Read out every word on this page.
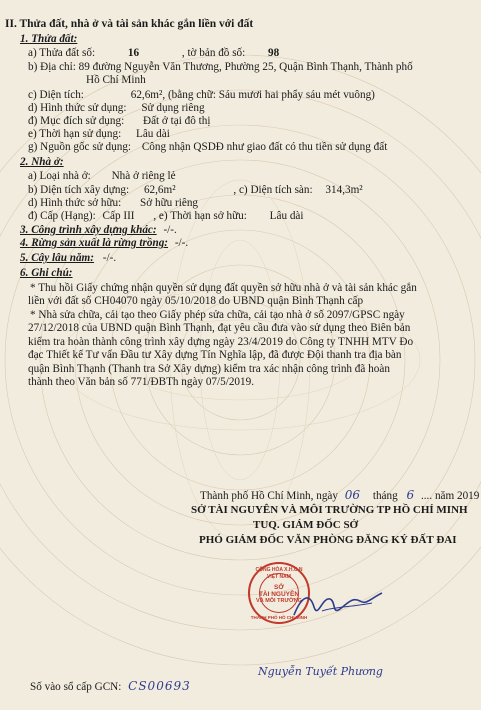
II. Thửa đất, nhà ở và tài sản khác gắn liền với đất
1. Thửa đất:
a) Thửa đất số:	16	, tờ bản đồ số: 98
b) Địa chỉ: 89 đường Nguyễn Văn Thương, Phường 25, Quận Bình Thạnh, Thành phố
Hồ Chí Minh
c) Diện tích:	62,6m², (bằng chữ: Sáu mươi hai phẩy sáu mét vuông)
d) Hình thức sử dụng: Sử dụng riêng
đ) Mục đích sử dụng: Đất ở tại đô thị
e) Thời hạn sử dụng: Lâu dài
g) Nguồn gốc sử dụng: Công nhận QSDĐ như giao đất có thu tiền sử dụng đất
2. Nhà ở:
a) Loại nhà ở: Nhà ở riêng lẻ
b) Diện tích xây dựng: 62,6m²	, c) Diện tích sàn: 314,3m²
d) Hình thức sở hữu: Sở hữu riêng
đ) Cấp (Hạng): Cấp III , e) Thời hạn sở hữu: Lâu dài
3. Công trình xây dựng khác: -/-.
4. Rừng sản xuất là rừng trồng: -/-.
5. Cây lâu năm: -/-.
6. Ghi chú:
* Thu hồi Giấy chứng nhận quyền sử dụng đất quyền sở hữu nhà ở và tài sản khác gắn
liền với đất số CH04070 ngày 05/10/2018 do UBND quận Bình Thạnh cấp
* Nhà sửa chữa, cải tạo theo Giấy phép sửa chữa, cải tạo nhà ở số 2097/GPSC ngày
27/12/2018 của UBND quận Bình Thạnh, đạt yêu cầu đưa vào sử dụng theo Biên bản
kiểm tra hoàn thành công trình xây dựng ngày 23/4/2019 do Công ty TNHH MTV Đo
đạc Thiết kế Tư vấn Đầu tư Xây dựng Tín Nghĩa lập, đã được Đội thanh tra địa bàn
quận Bình Thạnh (Thanh tra Sở Xây dựng) kiểm tra xác nhận công trình đã hoàn
thành theo Văn bản số 771/ĐBTh ngày 07/5/2019.
Thành phố Hồ Chí Minh, ngày 06 tháng 6 .... năm 2019
SỞ TÀI NGUYÊN VÀ MÔI TRƯỜNG TP HỒ CHÍ MINH
TUQ. GIÁM ĐỐC SỞ
PHÓ GIÁM ĐỐC VĂN PHÒNG ĐĂNG KÝ ĐẤT ĐAI
CỘNG HÒA X.H.C.N VIỆT NAM
SỞ
TÀI NGUYÊN
VÀ MÔI TRƯỜNG
THÀNH PHỐ HỒ CHÍ MINH
Nguyễn Tuyết Phương
Số vào sổ cấp GCN: CS00693
